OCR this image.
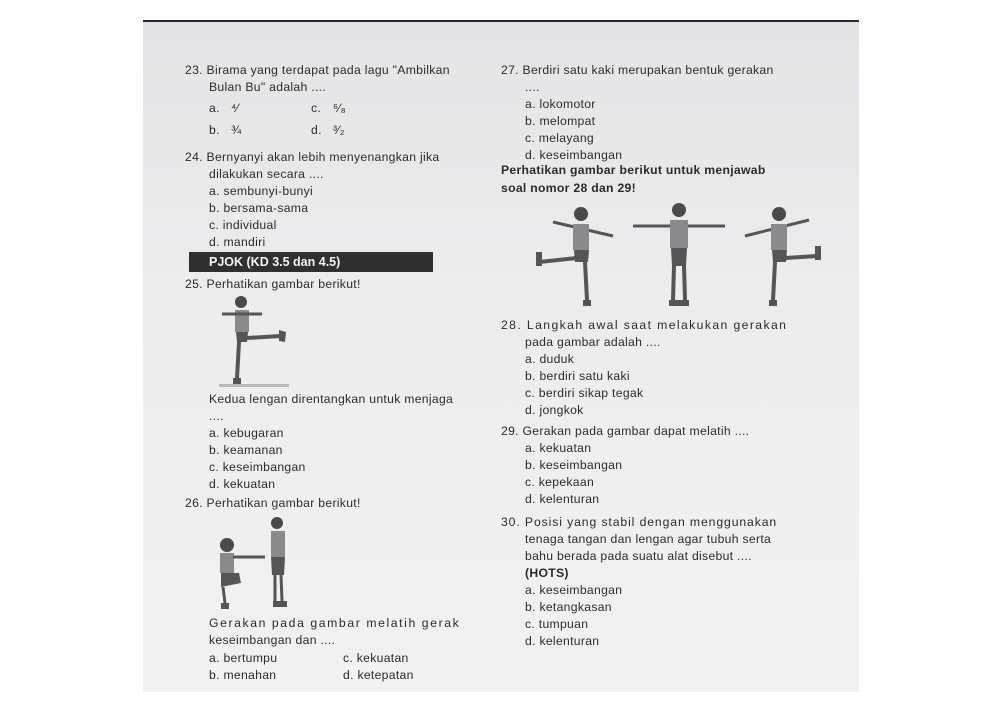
23. Birama yang terdapat pada lagu "Ambilkan
Bulan Bu" adalah ....
a. ⁴⁄	c. ⁶⁄₈
b. ¾	d. ³⁄₂
24. Bernyanyi akan lebih menyenangkan jika
dilakukan secara ....
a. sembunyi-bunyi
b. bersama-sama
c. individual
d. mandiri
PJOK (KD 3.5 dan 4.5)
25. Perhatikan gambar berikut!
Kedua lengan direntangkan untuk menjaga
....
a. kebugaran
b. keamanan
c. keseimbangan
d. kekuatan
26. Perhatikan gambar berikut!
Gerakan pada gambar melatih gerak
keseimbangan dan ....
a. bertumpu	c. kekuatan
b. menahan	d. ketepatan
27. Berdiri satu kaki merupakan bentuk gerakan
....
a. lokomotor
b. melompat
c. melayang
d. keseimbangan
Perhatikan gambar berikut untuk menjawab
soal nomor 28 dan 29!
28. Langkah awal saat melakukan gerakan
pada gambar adalah ....
a. duduk
b. berdiri satu kaki
c. berdiri sikap tegak
d. jongkok
29. Gerakan pada gambar dapat melatih ....
a. kekuatan
b. keseimbangan
c. kepekaan
d. kelenturan
30. Posisi yang stabil dengan menggunakan
tenaga tangan dan lengan agar tubuh serta
bahu berada pada suatu alat disebut ....
(HOTS)
a. keseimbangan
b. ketangkasan
c. tumpuan
d. kelenturan
